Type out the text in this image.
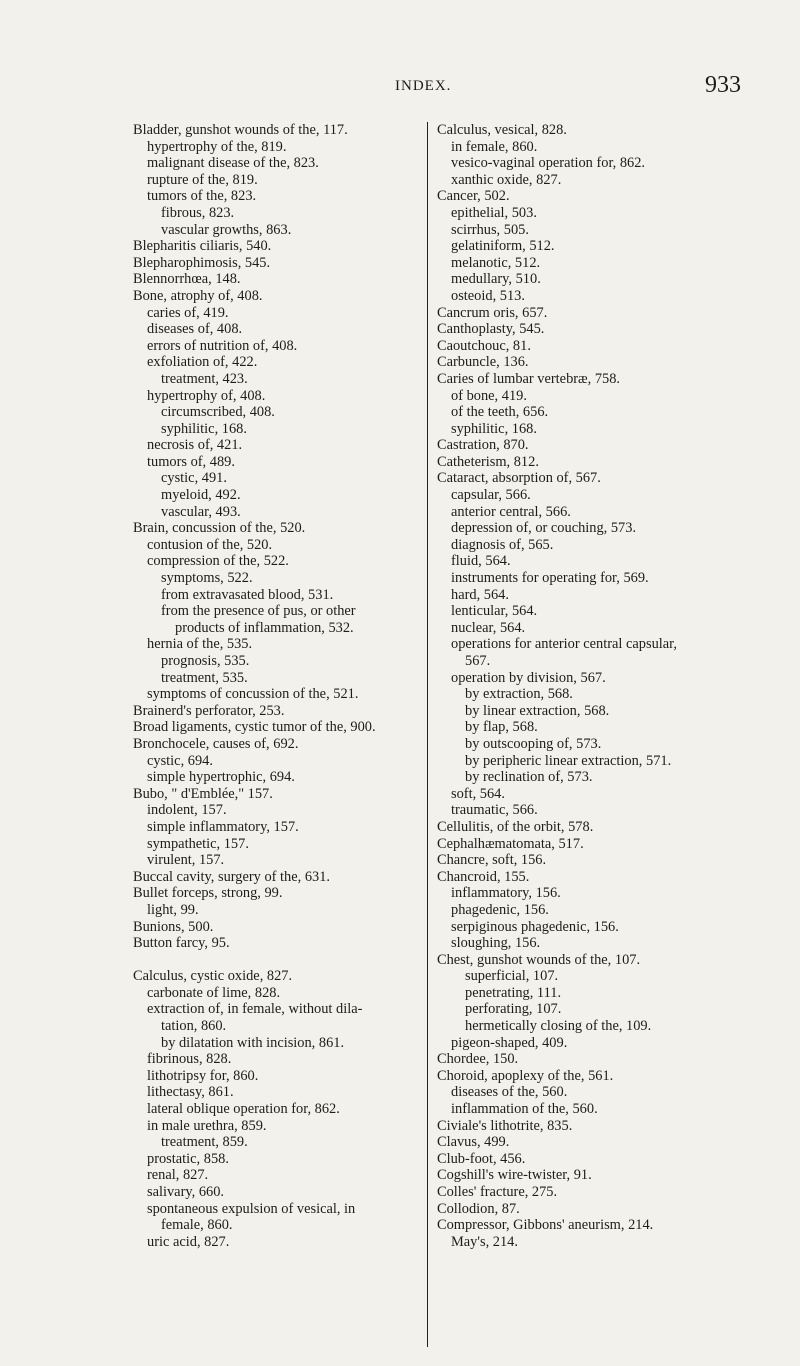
INDEX.	933
Bladder, gunshot wounds of the, 117.
hypertrophy of the, 819.
malignant disease of the, 823.
rupture of the, 819.
tumors of the, 823.
fibrous, 823.
vascular growths, 863.
Blepharitis ciliaris, 540.
Blepharophimosis, 545.
Blennorrhœa, 148.
Bone, atrophy of, 408.
caries of, 419.
diseases of, 408.
errors of nutrition of, 408.
exfoliation of, 422.
treatment, 423.
hypertrophy of, 408.
circumscribed, 408.
syphilitic, 168.
necrosis of, 421.
tumors of, 489.
cystic, 491.
myeloid, 492.
vascular, 493.
Brain, concussion of the, 520.
contusion of the, 520.
compression of the, 522.
symptoms, 522.
from extravasated blood, 531.
from the presence of pus, or other
products of inflammation, 532.
hernia of the, 535.
prognosis, 535.
treatment, 535.
symptoms of concussion of the, 521.
Brainerd's perforator, 253.
Broad ligaments, cystic tumor of the, 900.
Bronchocele, causes of, 692.
cystic, 694.
simple hypertrophic, 694.
Bubo, " d'Emblée," 157.
indolent, 157.
simple inflammatory, 157.
sympathetic, 157.
virulent, 157.
Buccal cavity, surgery of the, 631.
Bullet forceps, strong, 99.
light, 99.
Bunions, 500.
Button farcy, 95.
Calculus, cystic oxide, 827.
carbonate of lime, 828.
extraction of, in female, without dila-
tation, 860.
by dilatation with incision, 861.
fibrinous, 828.
lithotripsy for, 860.
lithectasy, 861.
lateral oblique operation for, 862.
in male urethra, 859.
treatment, 859.
prostatic, 858.
renal, 827.
salivary, 660.
spontaneous expulsion of vesical, in
female, 860.
uric acid, 827.
Calculus, vesical, 828.
in female, 860.
vesico-vaginal operation for, 862.
xanthic oxide, 827.
Cancer, 502.
epithelial, 503.
scirrhus, 505.
gelatiniform, 512.
melanotic, 512.
medullary, 510.
osteoid, 513.
Cancrum oris, 657.
Canthoplasty, 545.
Caoutchouc, 81.
Carbuncle, 136.
Caries of lumbar vertebræ, 758.
of bone, 419.
of the teeth, 656.
syphilitic, 168.
Castration, 870.
Catheterism, 812.
Cataract, absorption of, 567.
capsular, 566.
anterior central, 566.
depression of, or couching, 573.
diagnosis of, 565.
fluid, 564.
instruments for operating for, 569.
hard, 564.
lenticular, 564.
nuclear, 564.
operations for anterior central capsular,
567.
operation by division, 567.
by extraction, 568.
by linear extraction, 568.
by flap, 568.
by outscooping of, 573.
by peripheric linear extraction, 571.
by reclination of, 573.
soft, 564.
traumatic, 566.
Cellulitis, of the orbit, 578.
Cephalhæmatomata, 517.
Chancre, soft, 156.
Chancroid, 155.
inflammatory, 156.
phagedenic, 156.
serpiginous phagedenic, 156.
sloughing, 156.
Chest, gunshot wounds of the, 107.
superficial, 107.
penetrating, 111.
perforating, 107.
hermetically closing of the, 109.
pigeon-shaped, 409.
Chordee, 150.
Choroid, apoplexy of the, 561.
diseases of the, 560.
inflammation of the, 560.
Civiale's lithotrite, 835.
Clavus, 499.
Club-foot, 456.
Cogshill's wire-twister, 91.
Colles' fracture, 275.
Collodion, 87.
Compressor, Gibbons' aneurism, 214.
May's, 214.
